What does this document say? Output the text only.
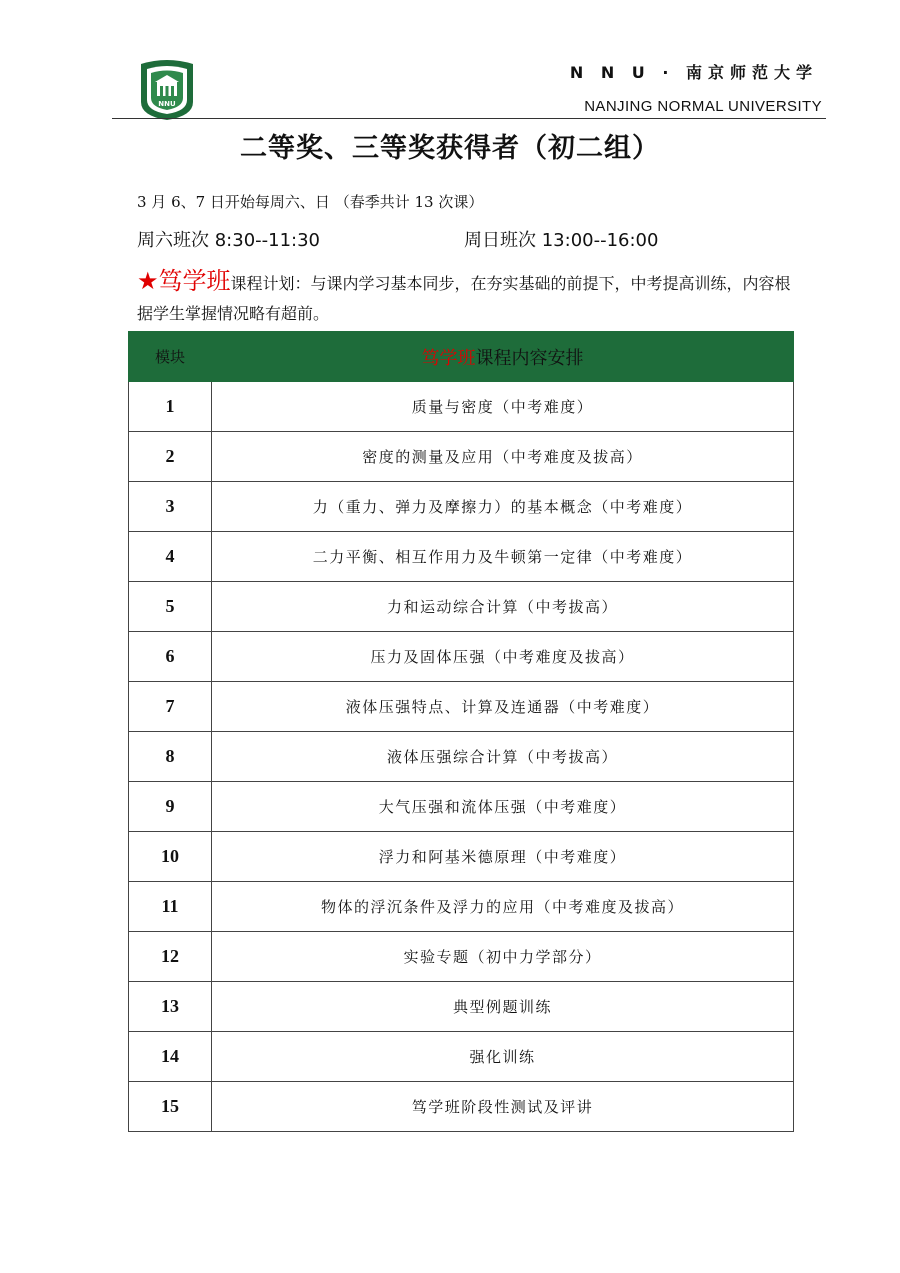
NNU
N N U · 南京师范大学
NANJING NORMAL UNIVERSITY
二等奖、三等奖获得者（初二组）
3 月 6、7 日开始每周六、日 （春季共计 13 次课）
周六班次 8:30--11:30	周日班次 13:00--16:00
★笃学班课程计划：与课内学习基本同步，在夯实基础的前提下，中考提高训练，内容根据学生掌握情况略有超前。
模块	笃学班课程内容安排
1	质量与密度（中考难度）
2	密度的测量及应用（中考难度及拔高）
3	力（重力、弹力及摩擦力）的基本概念（中考难度）
4	二力平衡、相互作用力及牛顿第一定律（中考难度）
5	力和运动综合计算（中考拔高）
6	压力及固体压强（中考难度及拔高）
7	液体压强特点、计算及连通器（中考难度）
8	液体压强综合计算（中考拔高）
9	大气压强和流体压强（中考难度）
10	浮力和阿基米德原理（中考难度）
11	物体的浮沉条件及浮力的应用（中考难度及拔高）
12	实验专题（初中力学部分）
13	典型例题训练
14	强化训练
15	笃学班阶段性测试及评讲
